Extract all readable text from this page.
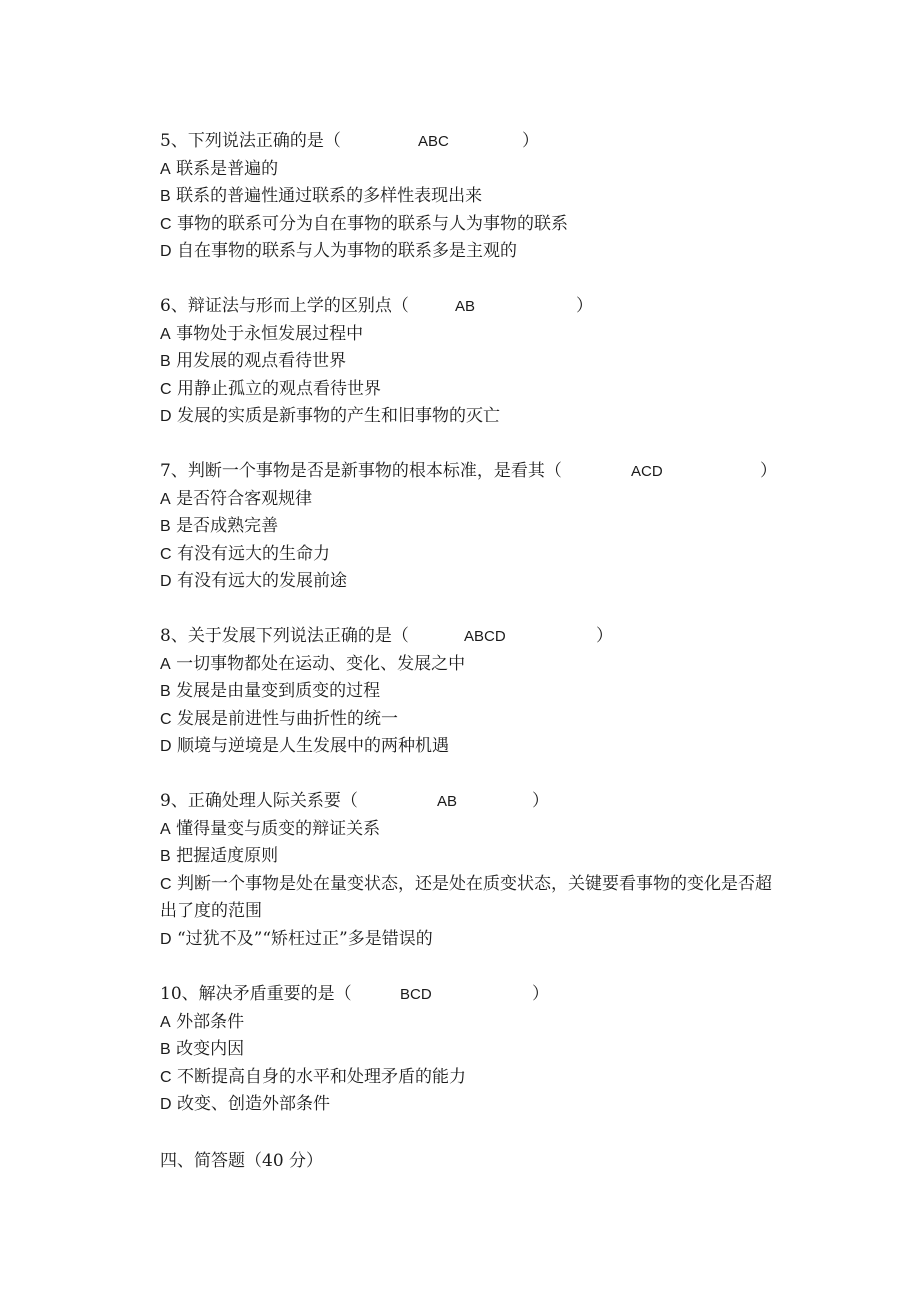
5、下列说法正确的是（	ABC	）
A 联系是普遍的
B 联系的普遍性通过联系的多样性表现出来
C 事物的联系可分为自在事物的联系与人为事物的联系
D 自在事物的联系与人为事物的联系多是主观的
6、辩证法与形而上学的区别点（	AB	）
A 事物处于永恒发展过程中
B 用发展的观点看待世界
C 用静止孤立的观点看待世界
D 发展的实质是新事物的产生和旧事物的灭亡
7、判断一个事物是否是新事物的根本标准，是看其（	ACD	）
A 是否符合客观规律
B 是否成熟完善
C 有没有远大的生命力
D 有没有远大的发展前途
8、关于发展下列说法正确的是（	ABCD	）
A 一切事物都处在运动、变化、发展之中
B 发展是由量变到质变的过程
C 发展是前进性与曲折性的统一
D 顺境与逆境是人生发展中的两种机遇
9、正确处理人际关系要（	AB	）
A 懂得量变与质变的辩证关系
B 把握适度原则
C 判断一个事物是处在量变状态，还是处在质变状态，关键要看事物的变化是否超出了度的范围
D “过犹不及”“矫枉过正”多是错误的
10、解决矛盾重要的是（	BCD	）
A 外部条件
B 改变内因
C 不断提高自身的水平和处理矛盾的能力
D 改变、创造外部条件
四、简答题（40 分）
